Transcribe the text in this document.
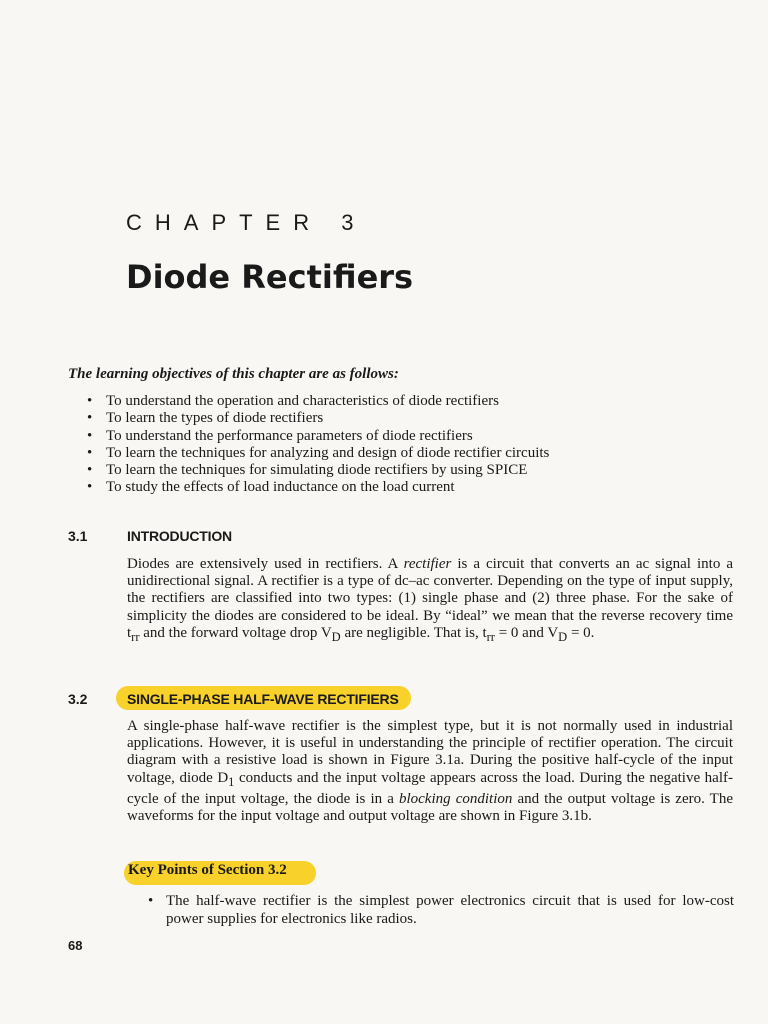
CHAPTER 3
Diode Rectifiers
The learning objectives of this chapter are as follows:
• To understand the operation and characteristics of diode rectifiers
• To learn the types of diode rectifiers
• To understand the performance parameters of diode rectifiers
• To learn the techniques for analyzing and design of diode rectifier circuits
• To learn the techniques for simulating diode rectifiers by using SPICE
• To study the effects of load inductance on the load current
3.1	INTRODUCTION

Diodes are extensively used in rectifiers. A rectifier is a circuit that converts an ac signal into a unidirectional signal. A rectifier is a type of dc–ac converter. Depending on the type of input supply, the rectifiers are classified into two types: (1) single phase and (2) three phase. For the sake of simplicity the diodes are considered to be ideal. By “ideal” we mean that the reverse recovery time $t_{rr}$ and the forward voltage drop $V_D$ are negligible. That is, $t_{rr} = 0$ and $V_D = 0$.

3.2	SINGLE-PHASE HALF-WAVE RECTIFIERS

A single-phase half-wave rectifier is the simplest type, but it is not normally used in industrial applications. However, it is useful in understanding the principle of rectifier operation. The circuit diagram with a resistive load is shown in Figure 3.1a. During the positive half-cycle of the input voltage, diode $D_1$ conducts and the input voltage appears across the load. During the negative half-cycle of the input voltage, the diode is in a blocking condition and the output voltage is zero. The waveforms for the input voltage and output voltage are shown in Figure 3.1b.

Key Points of Section 3.2
• The half-wave rectifier is the simplest power electronics circuit that is used for low-cost power supplies for electronics like radios.
68
